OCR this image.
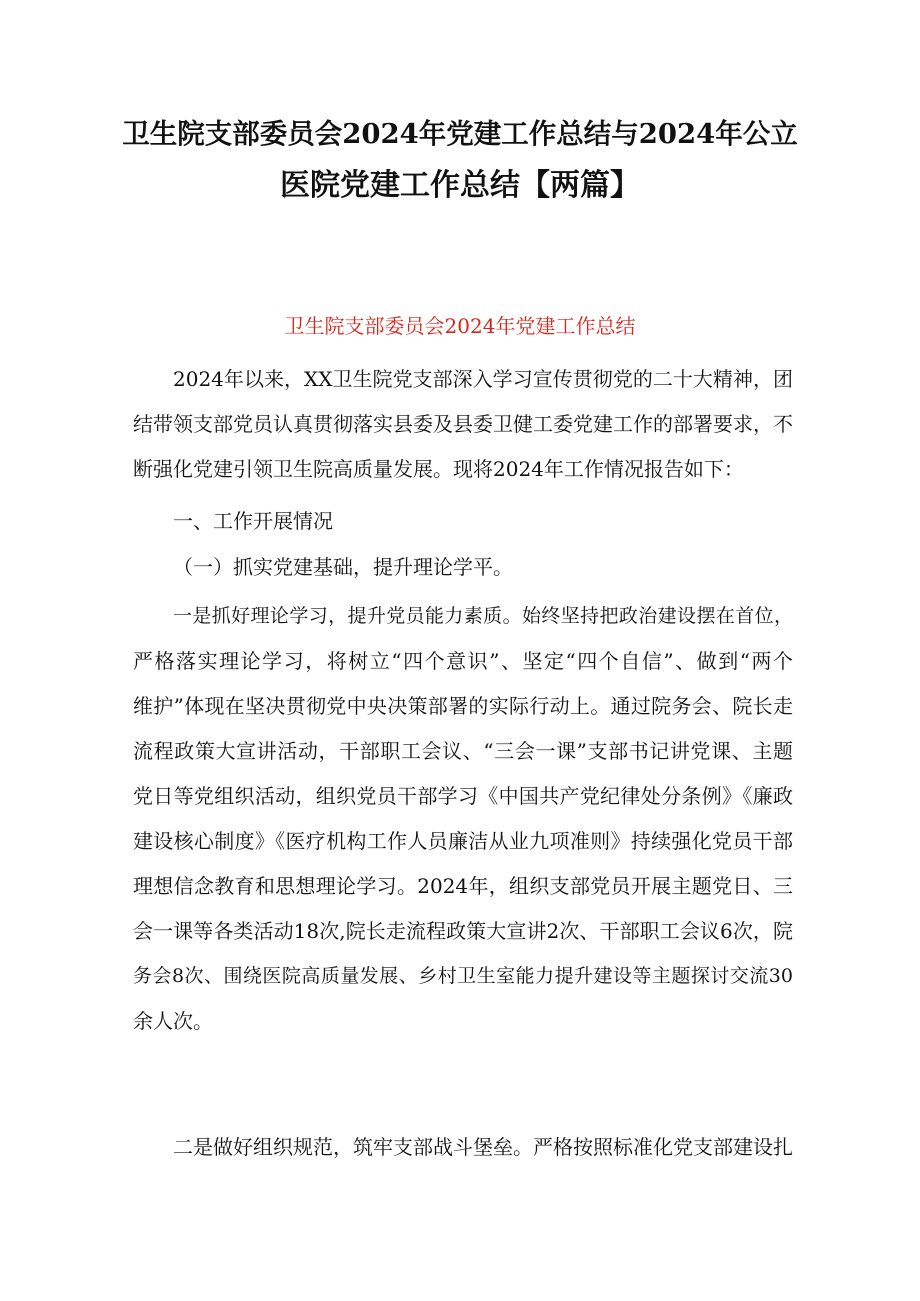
卫生院支部委员会2024年党建工作总结与2024年公立
医院党建工作总结【两篇】
卫生院支部委员会2024年党建工作总结
2024年以来，XX卫生院党支部深入学习宣传贯彻党的二十大精神，团
结带领支部党员认真贯彻落实县委及县委卫健工委党建工作的部署要求，不
断强化党建引领卫生院高质量发展。现将2024年工作情况报告如下：
一、工作开展情况
（一）抓实党建基础，提升理论学平。
一是抓好理论学习，提升党员能力素质。始终坚持把政治建设摆在首位，
严格落实理论学习，将树立“四个意识”、坚定“四个自信”、做到“两个
维护”体现在坚决贯彻党中央决策部署的实际行动上。通过院务会、院长走
流程政策大宣讲活动，干部职工会议、“三会一课”支部书记讲党课、主题
党日等党组织活动，组织党员干部学习《中国共产党纪律处分条例》《廉政
建设核心制度》《医疗机构工作人员廉洁从业九项准则》持续强化党员干部
理想信念教育和思想理论学习。2024年，组织支部党员开展主题党日、三
会一课等各类活动18次,院长走流程政策大宣讲2次、干部职工会议6次，院
务会8次、围绕医院高质量发展、乡村卫生室能力提升建设等主题探讨交流30
余人次。
二是做好组织规范，筑牢支部战斗堡垒。严格按照标准化党支部建设扎
